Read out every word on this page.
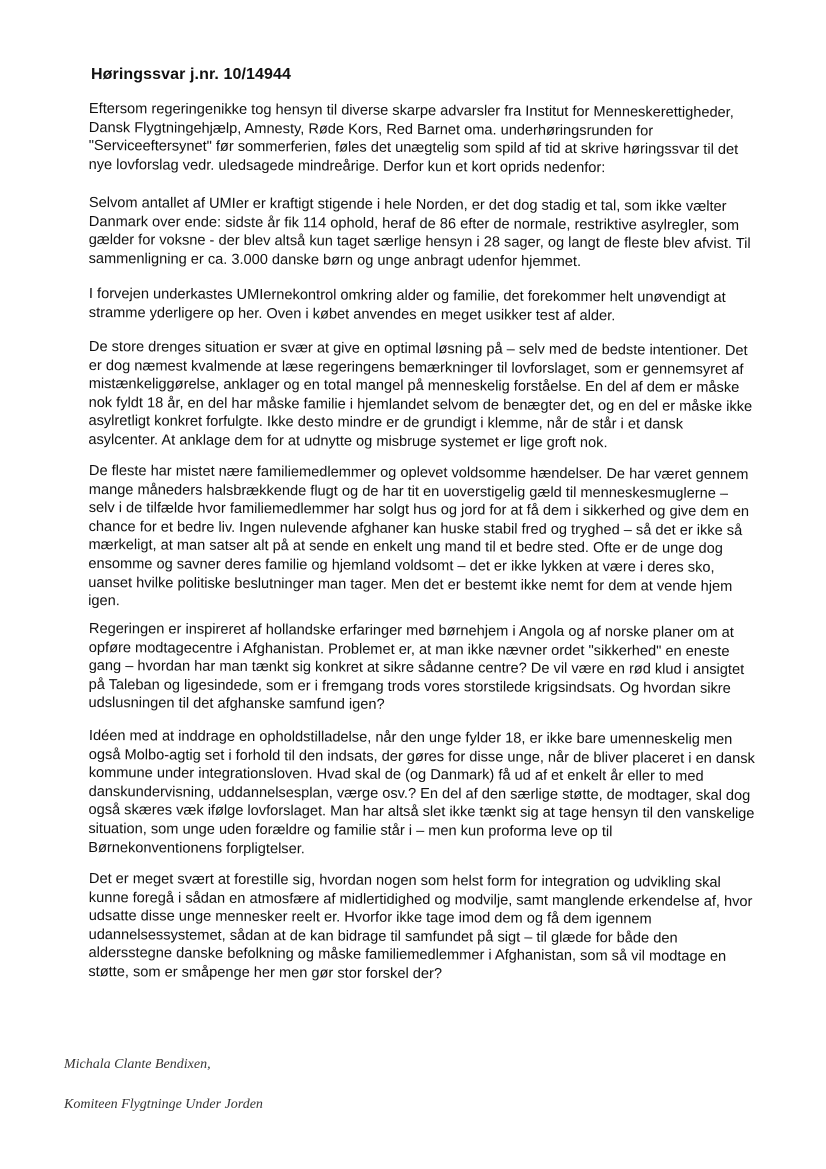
Høringssvar j.nr. 10/14944

Eftersom regeringenikke tog hensyn til diverse skarpe advarsler fra Institut for Menneskerettigheder,
Dansk Flygtningehjælp, Amnesty, Røde Kors, Red Barnet oma. underhøringsrunden for
"Serviceeftersynet" før sommerferien, føles det unægtelig som spild af tid at skrive høringssvar til det
nye lovforslag vedr. uledsagede mindreårige. Derfor kun et kort oprids nedenfor:

Selvom antallet af UMIer er kraftigt stigende i hele Norden, er det dog stadig et tal, som ikke vælter
Danmark over ende: sidste år fik 114 ophold, heraf de 86 efter de normale, restriktive asylregler, som
gælder for voksne - der blev altså kun taget særlige hensyn i 28 sager, og langt de fleste blev afvist. Til
sammenligning er ca. 3.000 danske børn og unge anbragt udenfor hjemmet.

I forvejen underkastes UMIernekontrol omkring alder og familie, det forekommer helt unøvendigt at
stramme yderligere op her. Oven i købet anvendes en meget usikker test af alder.

De store drenges situation er svær at give en optimal løsning på – selv med de bedste intentioner. Det
er dog næmest kvalmende at læse regeringens bemærkninger til lovforslaget, som er gennemsyret af
mistænkeliggørelse, anklager og en total mangel på menneskelig forståelse. En del af dem er måske
nok fyldt 18 år, en del har måske familie i hjemlandet selvom de benægter det, og en del er måske ikke
asylretligt konkret forfulgte. Ikke desto mindre er de grundigt i klemme, når de står i et dansk
asylcenter. At anklage dem for at udnytte og misbruge systemet er lige groft nok.

De fleste har mistet nære familiemedlemmer og oplevet voldsomme hændelser. De har været gennem
mange måneders halsbrækkende flugt og de har tit en uoverstigelig gæld til menneskesmuglerne –
selv i de tilfælde hvor familiemedlemmer har solgt hus og jord for at få dem i sikkerhed og give dem en
chance for et bedre liv. Ingen nulevende afghaner kan huske stabil fred og tryghed – så det er ikke så
mærkeligt, at man satser alt på at sende en enkelt ung mand til et bedre sted. Ofte er de unge dog
ensomme og savner deres familie og hjemland voldsomt – det er ikke lykken at være i deres sko,
uanset hvilke politiske beslutninger man tager. Men det er bestemt ikke nemt for dem at vende hjem
igen.

Regeringen er inspireret af hollandske erfaringer med børnehjem i Angola og af norske planer om at
opføre modtagecentre i Afghanistan. Problemet er, at man ikke nævner ordet "sikkerhed" en eneste
gang – hvordan har man tænkt sig konkret at sikre sådanne centre? De vil være en rød klud i ansigtet
på Taleban og ligesindede, som er i fremgang trods vores storstilede krigsindsats. Og hvordan sikre
udslusningen til det afghanske samfund igen?

Idéen med at inddrage en opholdstilladelse, når den unge fylder 18, er ikke bare umenneskelig men
også Molbo-agtig set i forhold til den indsats, der gøres for disse unge, når de bliver placeret i en dansk
kommune under integrationsloven. Hvad skal de (og Danmark) få ud af et enkelt år eller to med
danskundervisning, uddannelsesplan, værge osv.? En del af den særlige støtte, de modtager, skal dog
også skæres væk ifølge lovforslaget. Man har altså slet ikke tænkt sig at tage hensyn til den vanskelige
situation, som unge uden forældre og familie står i – men kun proforma leve op til
Børnekonventionens forpligtelser.

Det er meget svært at forestille sig, hvordan nogen som helst form for integration og udvikling skal
kunne foregå i sådan en atmosfære af midlertidighed og modvilje, samt manglende erkendelse af, hvor
udsatte disse unge mennesker reelt er. Hvorfor ikke tage imod dem og få dem igennem
udannelsessystemet, sådan at de kan bidrage til samfundet på sigt – til glæde for både den
aldersstegne danske befolkning og måske familiemedlemmer i Afghanistan, som så vil modtage en
støtte, som er småpenge her men gør stor forskel der?

Michala Clante Bendixen,

Komiteen Flygtninge Under Jorden
